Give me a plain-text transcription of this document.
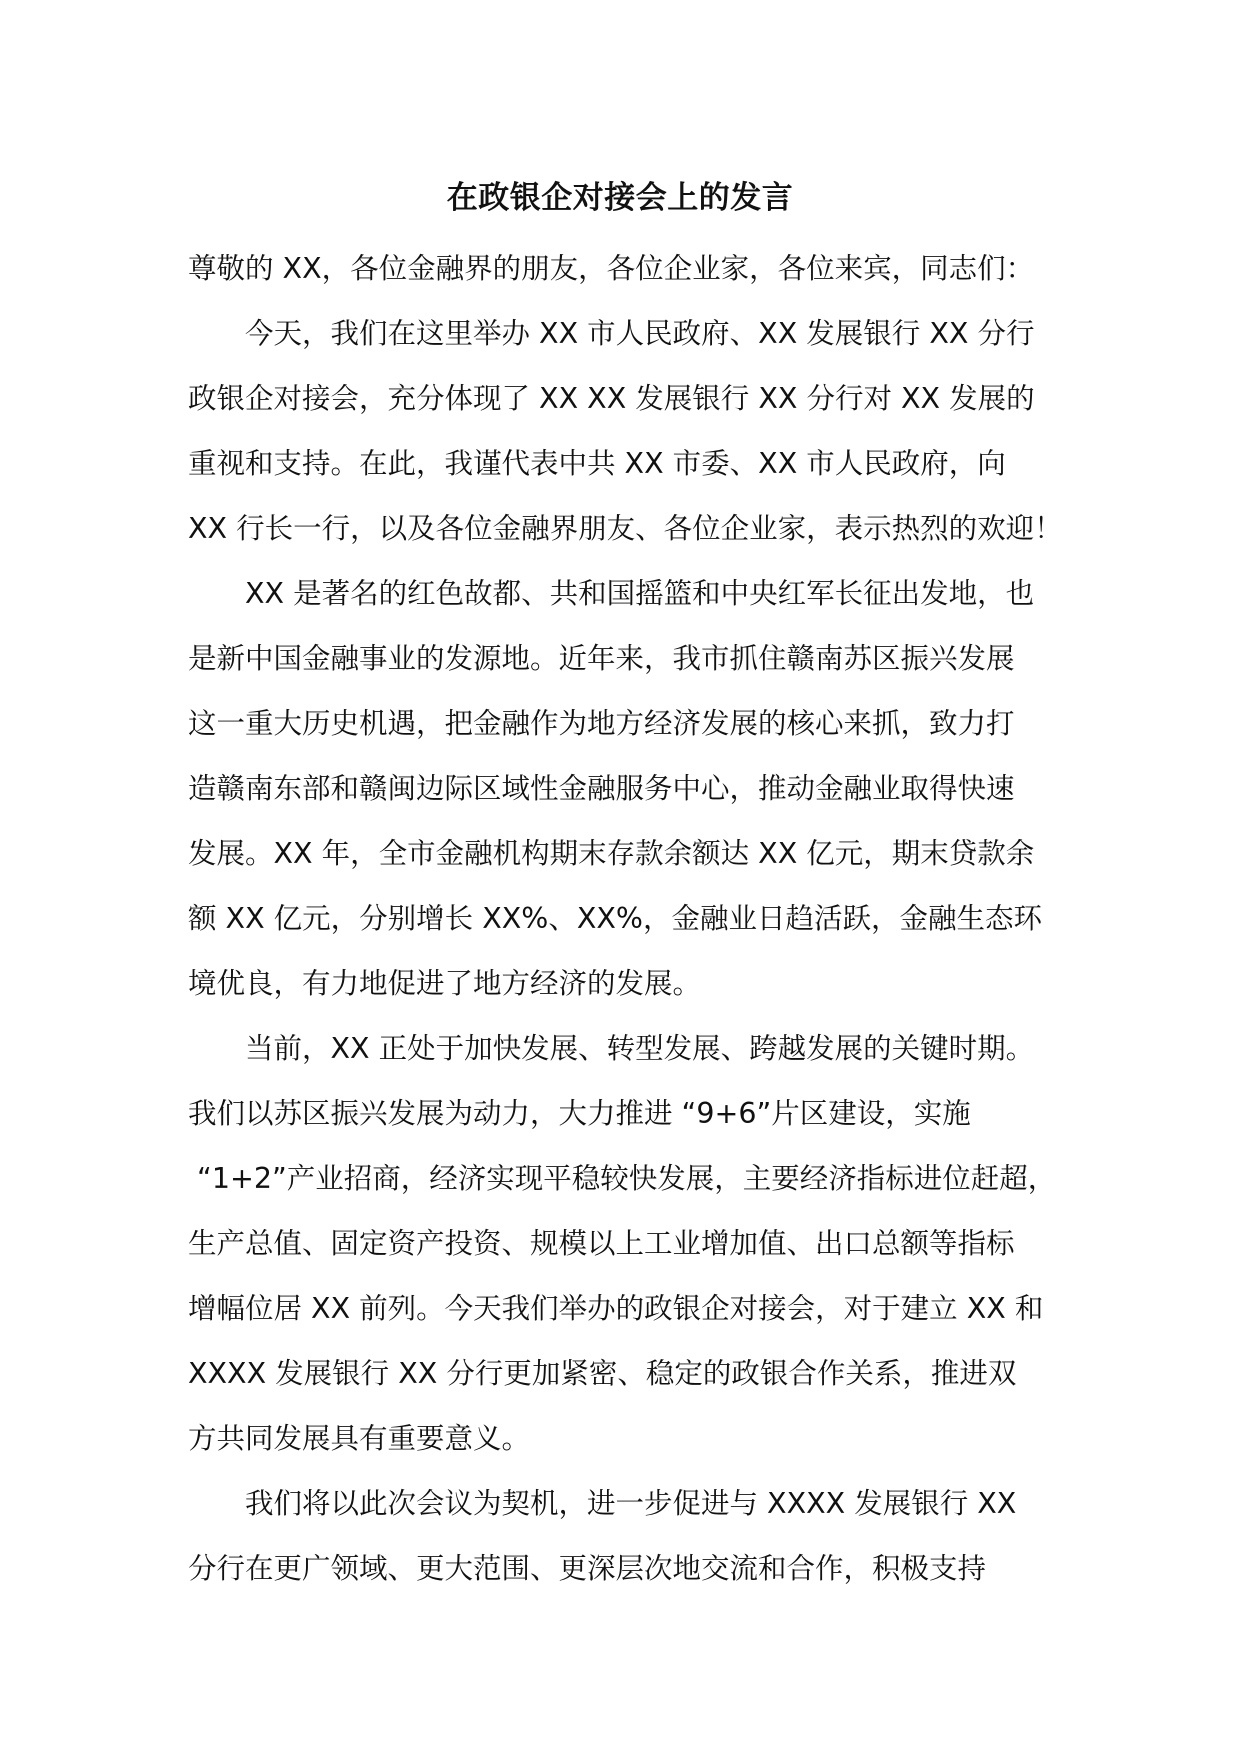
在政银企对接会上的发言
尊敬的 XX，各位金融界的朋友，各位企业家，各位来宾，同志们：
今天，我们在这里举办 XX 市人民政府、XX 发展银行 XX 分行
政银企对接会，充分体现了 XX XX 发展银行 XX 分行对 XX 发展的
重视和支持。在此，我谨代表中共 XX 市委、XX 市人民政府，向
XX 行长一行，以及各位金融界朋友、各位企业家，表示热烈的欢迎！
XX 是著名的红色故都、共和国摇篮和中央红军长征出发地，也
是新中国金融事业的发源地。近年来，我市抓住赣南苏区振兴发展
这一重大历史机遇，把金融作为地方经济发展的核心来抓，致力打
造赣南东部和赣闽边际区域性金融服务中心，推动金融业取得快速
发展。XX 年，全市金融机构期末存款余额达 XX 亿元，期末贷款余
额 XX 亿元，分别增长 XX%、XX%，金融业日趋活跃，金融生态环
境优良，有力地促进了地方经济的发展。
当前，XX 正处于加快发展、转型发展、跨越发展的关键时期。
我们以苏区振兴发展为动力，大力推进 “9+6”片区建设，实施
“1+2”产业招商，经济实现平稳较快发展，主要经济指标进位赶超，
生产总值、固定资产投资、规模以上工业增加值、出口总额等指标
增幅位居 XX 前列。今天我们举办的政银企对接会，对于建立 XX 和
XXXX 发展银行 XX 分行更加紧密、稳定的政银合作关系，推进双
方共同发展具有重要意义。
我们将以此次会议为契机，进一步促进与 XXXX 发展银行 XX
分行在更广领域、更大范围、更深层次地交流和合作，积极支持
